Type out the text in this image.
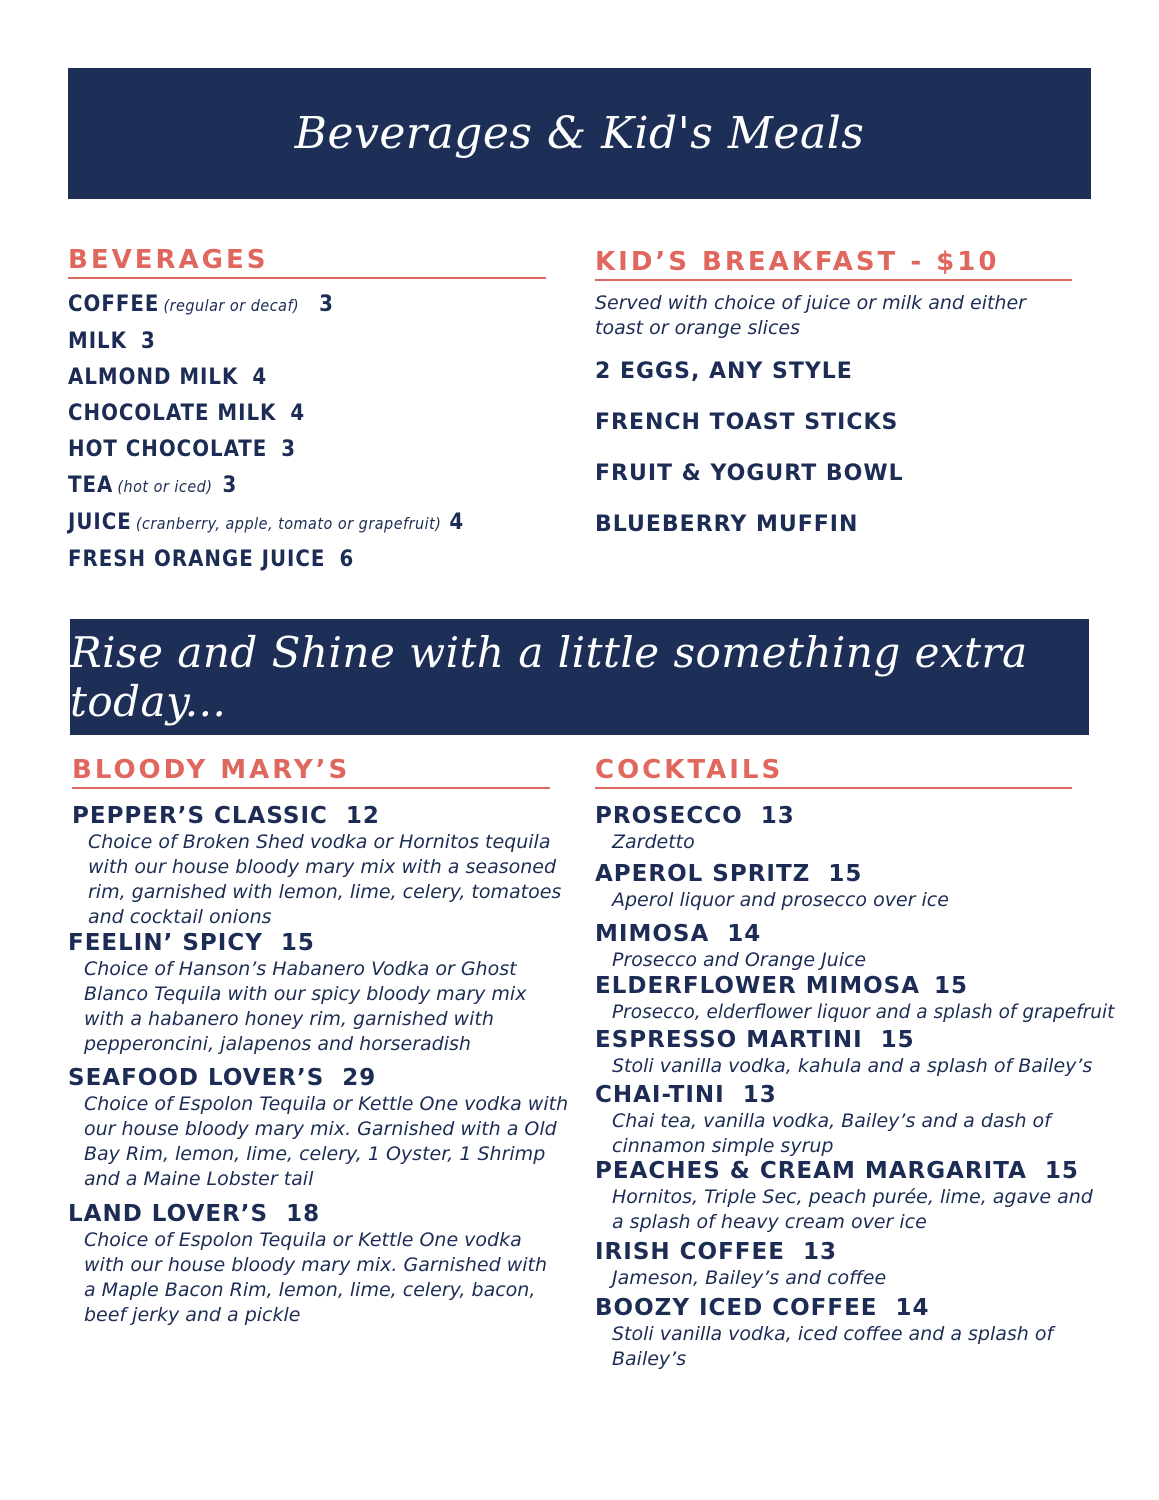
Beverages & Kid's Meals
BEVERAGES
COFFEE (regular or decaf) 3
MILK 3
ALMOND MILK 4
CHOCOLATE MILK 4
HOT CHOCOLATE 3
TEA (hot or iced) 3
JUICE (cranberry, apple, tomato or grapefruit) 4
FRESH ORANGE JUICE 6
KID’S BREAKFAST - $10
Served with choice of juice or milk and either toast or orange slices
2 EGGS, ANY STYLE
FRENCH TOAST STICKS
FRUIT & YOGURT BOWL
BLUEBERRY MUFFIN
Rise and Shine with a little something extra today...
BLOODY MARY’S
PEPPER’S CLASSIC 12
Choice of Broken Shed vodka or Hornitos tequila with our house bloody mary mix with a seasoned rim, garnished with lemon, lime, celery, tomatoes and cocktail onions
FEELIN’ SPICY 15
Choice of Hanson’s Habanero Vodka or Ghost Blanco Tequila with our spicy bloody mary mix with a habanero honey rim, garnished with pepperoncini, jalapenos and horseradish
SEAFOOD LOVER’S 29
Choice of Espolon Tequila or Kettle One vodka with our house bloody mary mix. Garnished with a Old Bay Rim, lemon, lime, celery, 1 Oyster, 1 Shrimp and a Maine Lobster tail
LAND LOVER’S 18
Choice of Espolon Tequila or Kettle One vodka with our house bloody mary mix. Garnished with a Maple Bacon Rim, lemon, lime, celery, bacon, beef jerky and a pickle
COCKTAILS
PROSECCO 13
Zardetto
APEROL SPRITZ 15
Aperol liquor and prosecco over ice
MIMOSA 14
Prosecco and Orange Juice
ELDERFLOWER MIMOSA 15
Prosecco, elderflower liquor and a splash of grapefruit
ESPRESSO MARTINI 15
Stoli vanilla vodka, kahula and a splash of Bailey’s
CHAI-TINI 13
Chai tea, vanilla vodka, Bailey’s and a dash of cinnamon simple syrup
PEACHES & CREAM MARGARITA 15
Hornitos, Triple Sec, peach purée, lime, agave and a splash of heavy cream over ice
IRISH COFFEE 13
Jameson, Bailey’s and coffee
BOOZY ICED COFFEE 14
Stoli vanilla vodka, iced coffee and a splash of Bailey’s
